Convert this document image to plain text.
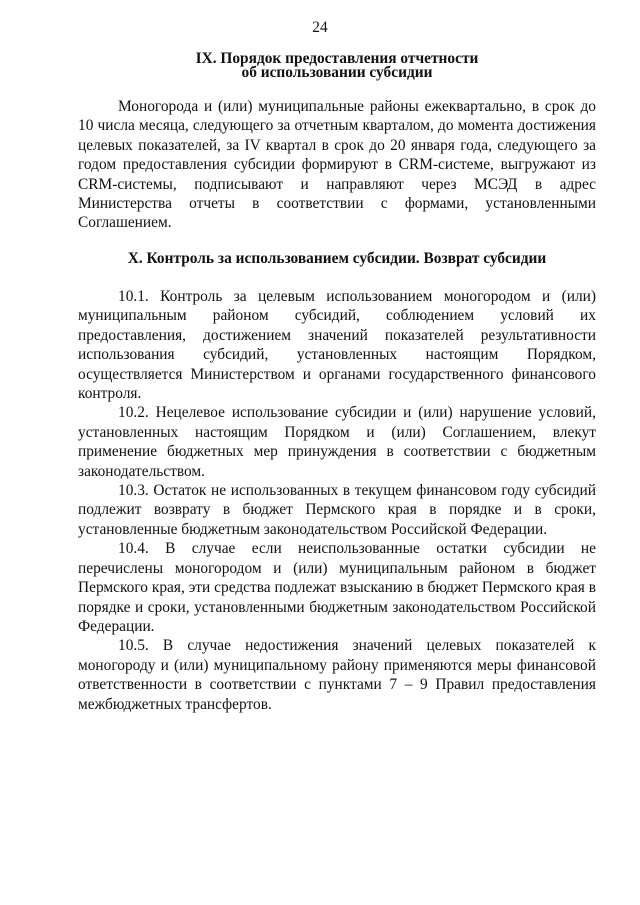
24
IX. Порядок предоставления отчетности
об использовании субсидии

Моногорода и (или) муниципальные районы ежеквартально, в срок до 10 числа месяца, следующего за отчетным кварталом, до момента достижения целевых показателей, за IV квартал в срок до 20 января года, следующего за годом предоставления субсидии формируют в CRM-системе, выгружают из CRM-системы, подписывают и направляют через МСЭД в адрес Министерства отчеты в соответствии с формами, установленными Соглашением.

X. Контроль за использованием субсидии. Возврат субсидии

10.1. Контроль за целевым использованием моногородом и (или) муниципальным районом субсидий, соблюдением условий их предоставления, достижением значений показателей результативности использования субсидий, установленных настоящим Порядком, осуществляется Министерством и органами государственного финансового контроля.

10.2. Нецелевое использование субсидии и (или) нарушение условий, установленных настоящим Порядком и (или) Соглашением, влекут применение бюджетных мер принуждения в соответствии с бюджетным законодательством.

10.3. Остаток не использованных в текущем финансовом году субсидий подлежит возврату в бюджет Пермского края в порядке и в сроки, установленные бюджетным законодательством Российской Федерации.

10.4. В случае если неиспользованные остатки субсидии не перечислены моногородом и (или) муниципальным районом в бюджет Пермского края, эти средства подлежат взысканию в бюджет Пермского края в порядке и сроки, установленными бюджетным законодательством Российской Федерации.

10.5. В случае недостижения значений целевых показателей к моногороду и (или) муниципальному району применяются меры финансовой ответственности в соответствии с пунктами 7 – 9 Правил предоставления межбюджетных трансфертов.
